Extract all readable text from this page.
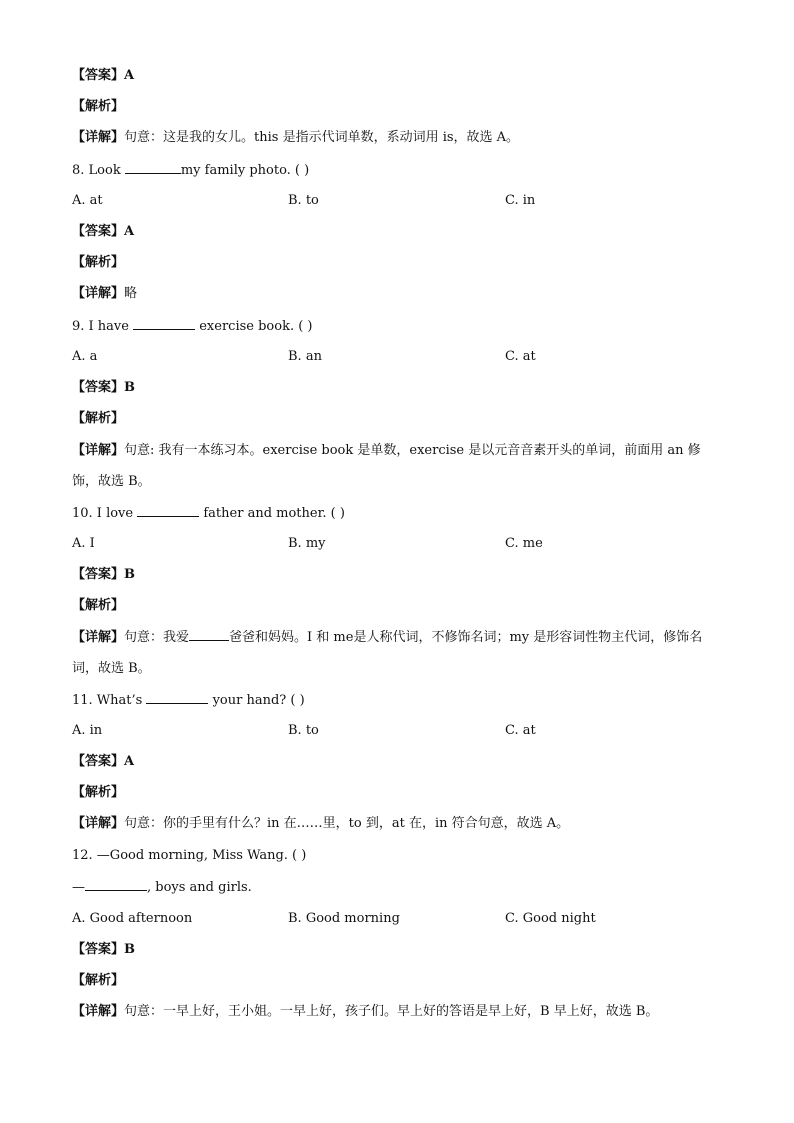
【答案】A
【解析】
【详解】句意：这是我的女儿。this 是指示代词单数，系动词用 is，故选 A。
8. Look	my family photo. ( )
A. at	B. to	C. in
【答案】A
【解析】
【详解】略
9. I have	exercise book. ( )
A. a	B. an	C. at
【答案】B
【解析】
【详解】句意: 我有一本练习本。exercise book 是单数，exercise 是以元音音素开头的单词，前面用 an 修饰，故选 B。
10. I love	father and mother. ( )
A. I	B. my	C. me
【答案】B
【解析】
【详解】句意：我爱	爸爸和妈妈。I 和 me是人称代词，不修饰名词；my 是形容词性物主代词，修饰名词，故选 B。
11. What’s	your hand? ( )
A. in	B. to	C. at
【答案】A
【解析】
【详解】句意：你的手里有什么？in 在……里，to 到，at 在，in 符合句意，故选 A。
12. —Good morning, Miss Wang. ( )
—	, boys and girls.
A. Good afternoon	B. Good morning	C. Good night
【答案】B
【解析】
【详解】句意：一早上好，王小姐。一早上好，孩子们。早上好的答语是早上好，B 早上好，故选 B。
